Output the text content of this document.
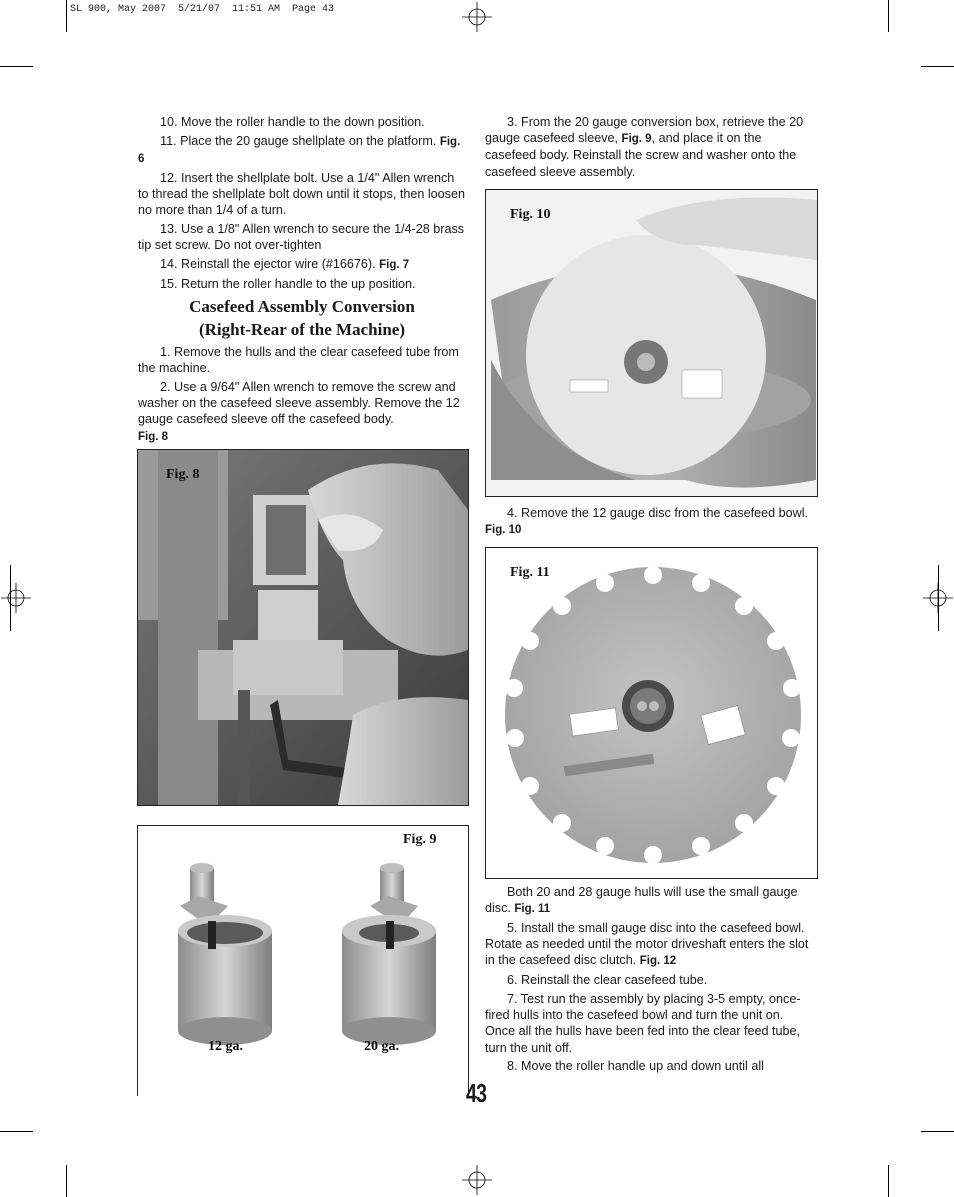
SL 900, May 2007  5/21/07  11:51 AM  Page 43

10. Move the roller handle to the down position.

11. Place the 20 gauge shellplate on the platform. Fig. 6

12. Insert the shellplate bolt. Use a 1/4" Allen wrench to thread the shellplate bolt down until it stops, then loosen no more than 1/4 of a turn.

13. Use a 1/8" Allen wrench to secure the 1/4-28 brass tip set screw. Do not over-tighten

14. Reinstall the ejector wire (#16676). Fig. 7

15. Return the roller handle to the up position.

Casefeed Assembly Conversion
(Right-Rear of the Machine)

1. Remove the hulls and the clear casefeed tube from the machine.

2. Use a 9/64" Allen wrench to remove the screw and washer on the casefeed sleeve assembly. Remove the 12 gauge casefeed sleeve off the casefeed body.

Fig. 8
Fig. 8
Fig. 9
12 ga.	20 ga.

3. From the 20 gauge conversion box, retrieve the 20 gauge casefeed sleeve, Fig. 9, and place it on the casefeed body. Reinstall the screw and washer onto the casefeed sleeve assembly.

Fig. 10

4. Remove the 12 gauge disc from the casefeed bowl. Fig. 10

Fig. 11

Both 20 and 28 gauge hulls will use the small gauge disc. Fig. 11

5. Install the small gauge disc into the casefeed bowl. Rotate as needed until the motor driveshaft enters the slot in the casefeed disc clutch. Fig. 12

6. Reinstall the clear casefeed tube.

7. Test run the assembly by placing 3-5 empty, once-fired hulls into the casefeed bowl and turn the unit on. Once all the hulls have been fed into the clear feed tube, turn the unit off.

8. Move the roller handle up and down until all

43
